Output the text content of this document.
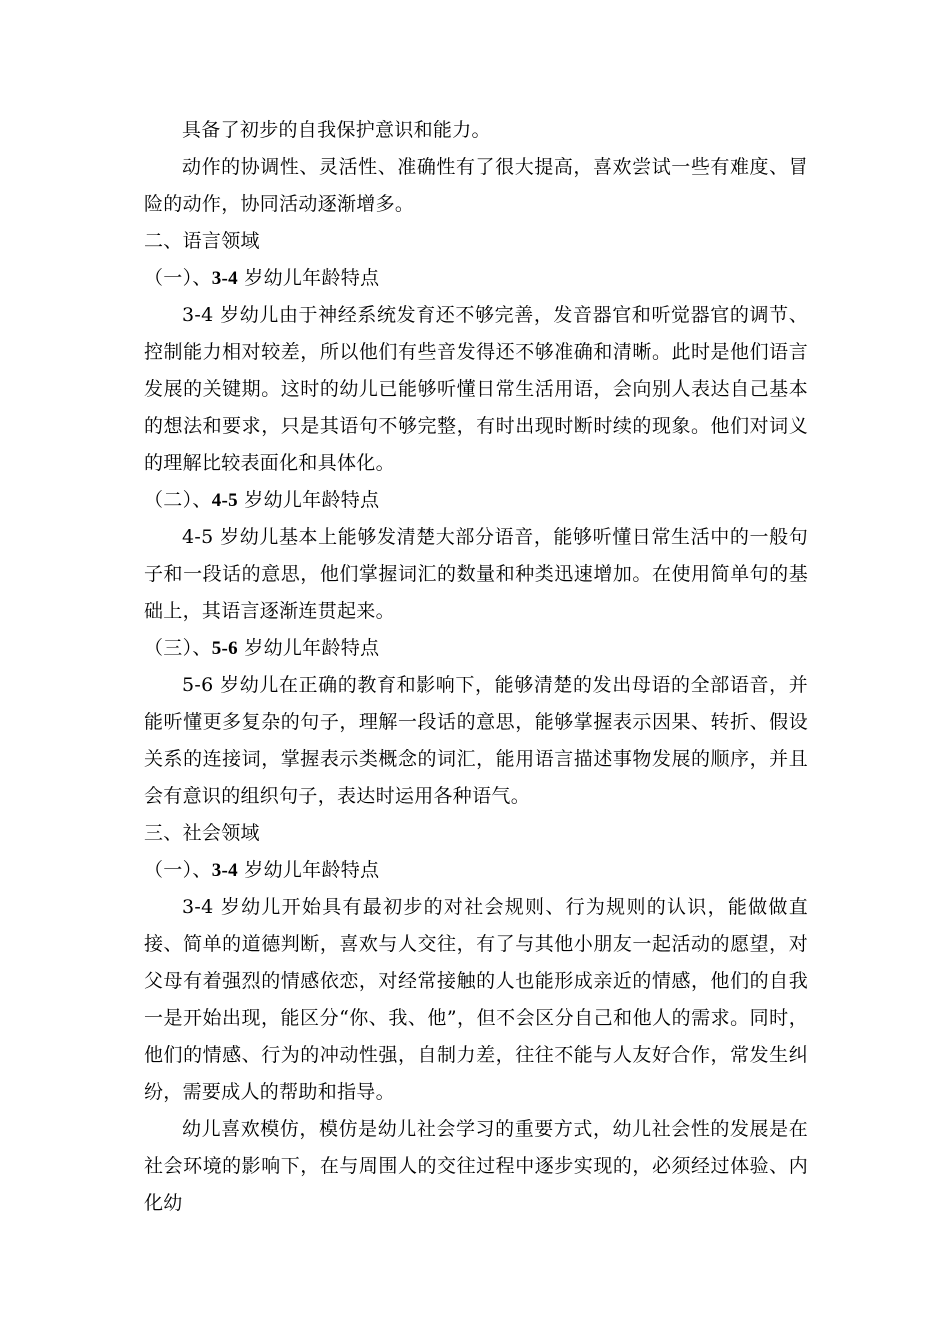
具备了初步的自我保护意识和能力。

动作的协调性、灵活性、准确性有了很大提高，喜欢尝试一些有难度、冒险的动作，协同活动逐渐增多。

二、语言领域

（一）、3-4 岁幼儿年龄特点

3-4 岁幼儿由于神经系统发育还不够完善，发音器官和听觉器官的调节、控制能力相对较差，所以他们有些音发得还不够准确和清晰。此时是他们语言发展的关键期。这时的幼儿已能够听懂日常生活用语，会向别人表达自己基本的想法和要求，只是其语句不够完整，有时出现时断时续的现象。他们对词义的理解比较表面化和具体化。

（二）、4-5 岁幼儿年龄特点

4-5 岁幼儿基本上能够发清楚大部分语音，能够听懂日常生活中的一般句子和一段话的意思，他们掌握词汇的数量和种类迅速增加。在使用简单句的基础上，其语言逐渐连贯起来。

（三）、5-6 岁幼儿年龄特点

5-6 岁幼儿在正确的教育和影响下，能够清楚的发出母语的全部语音，并能听懂更多复杂的句子，理解一段话的意思，能够掌握表示因果、转折、假设关系的连接词，掌握表示类概念的词汇，能用语言描述事物发展的顺序，并且会有意识的组织句子，表达时运用各种语气。

三、社会领域

（一）、3-4 岁幼儿年龄特点

3-4 岁幼儿开始具有最初步的对社会规则、行为规则的认识，能做做直接、简单的道德判断，喜欢与人交往，有了与其他小朋友一起活动的愿望，对父母有着强烈的情感依恋，对经常接触的人也能形成亲近的情感，他们的自我一是开始出现，能区分“你、我、他”，但不会区分自己和他人的需求。同时，他们的情感、行为的冲动性强，自制力差，往往不能与人友好合作，常发生纠纷，需要成人的帮助和指导。

幼儿喜欢模仿，模仿是幼儿社会学习的重要方式，幼儿社会性的发展是在社会环境的影响下，在与周围人的交往过程中逐步实现的，必须经过体验、内化幼
